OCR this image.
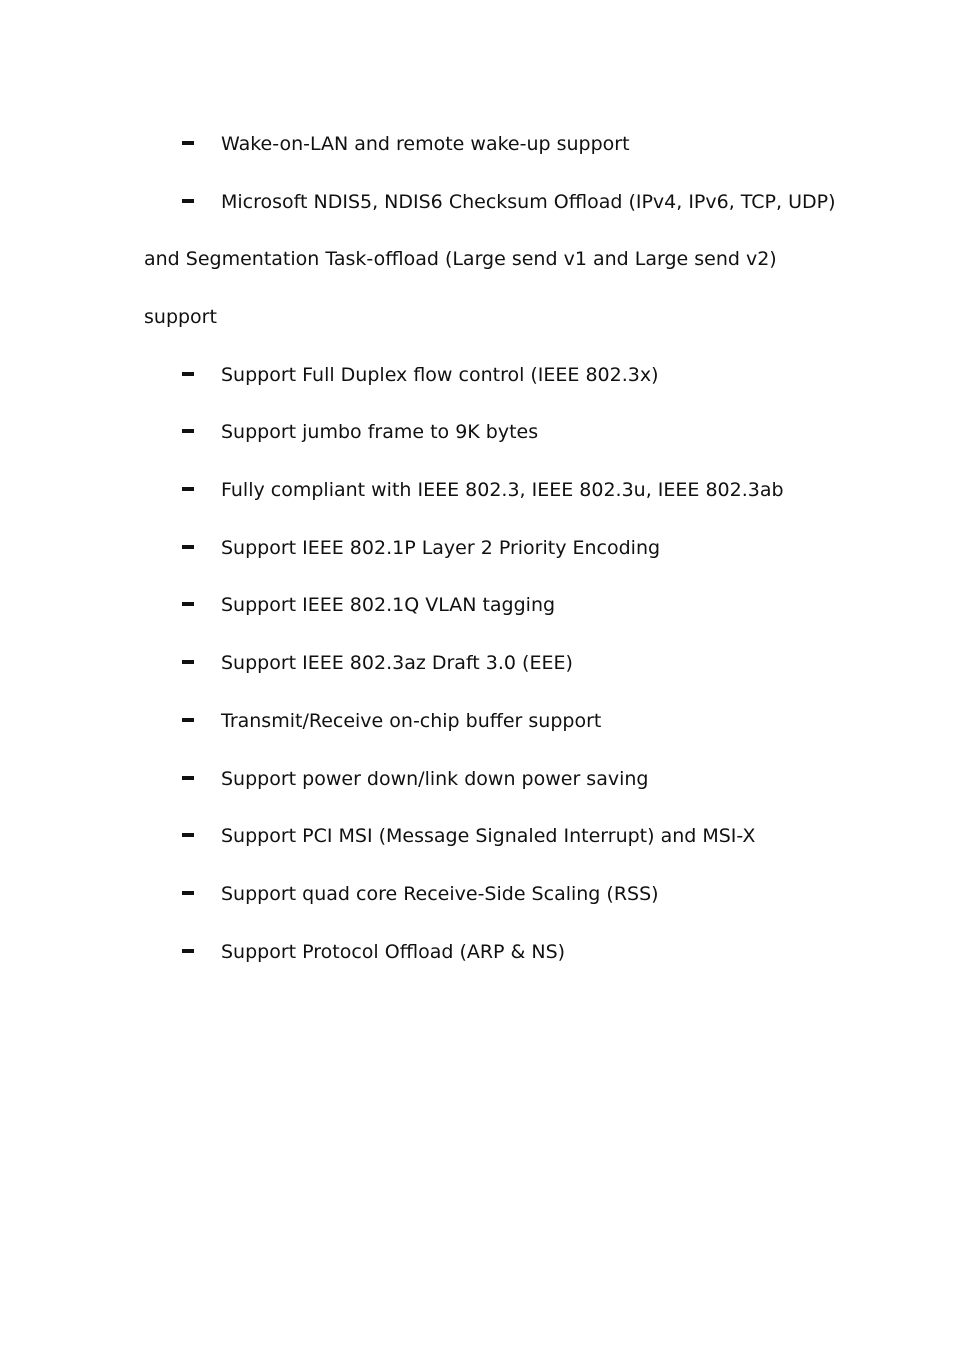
Wake-on-LAN and remote wake-up support
Microsoft NDIS5, NDIS6 Checksum Offload (IPv4, IPv6, TCP, UDP)
and Segmentation Task-offload (Large send v1 and Large send v2)
support
Support Full Duplex flow control (IEEE 802.3x)
Support jumbo frame to 9K bytes
Fully compliant with IEEE 802.3, IEEE 802.3u, IEEE 802.3ab
Support IEEE 802.1P Layer 2 Priority Encoding
Support IEEE 802.1Q VLAN tagging
Support IEEE 802.3az Draft 3.0 (EEE)
Transmit/Receive on-chip buffer support
Support power down/link down power saving
Support PCI MSI (Message Signaled Interrupt) and MSI-X
Support quad core Receive-Side Scaling (RSS)
Support Protocol Offload (ARP & NS)
